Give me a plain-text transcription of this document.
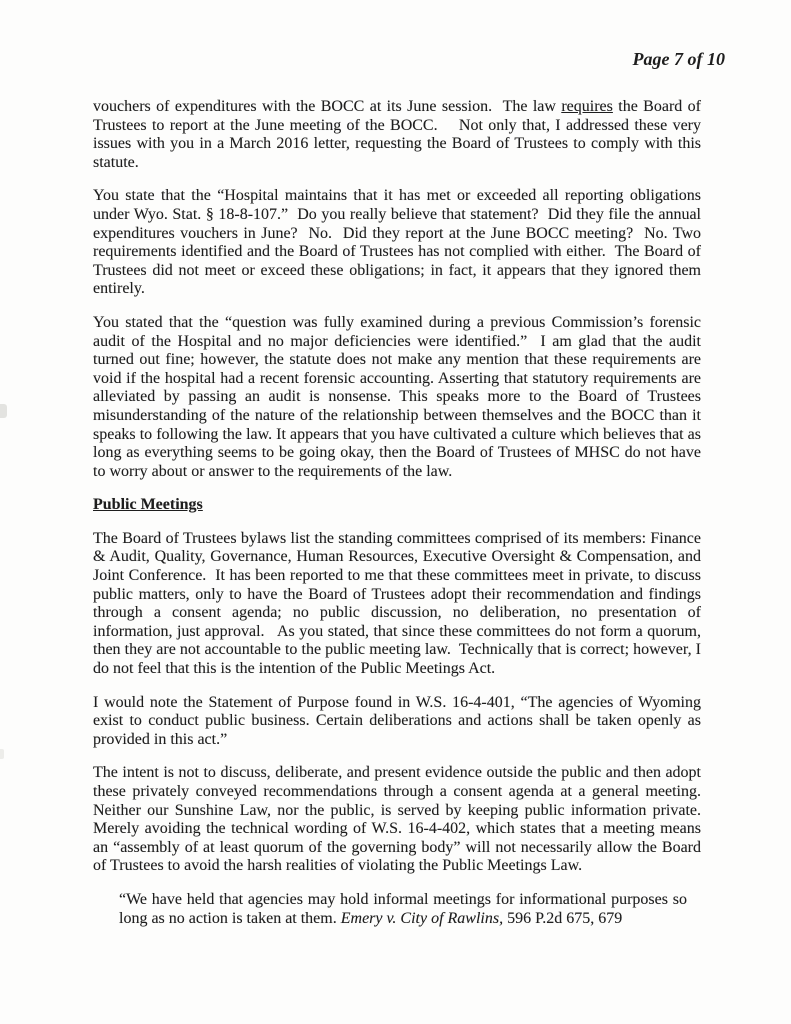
Page 7 of 10

vouchers of expenditures with the BOCC at its June session.  The law requires the Board of Trustees to report at the June meeting of the BOCC.    Not only that, I addressed these very issues with you in a March 2016 letter, requesting the Board of Trustees to comply with this statute.

You state that the “Hospital maintains that it has met or exceeded all reporting obligations under Wyo. Stat. § 18-8-107.”  Do you really believe that statement?  Did they file the annual expenditures vouchers in June?  No.  Did they report at the June BOCC meeting?  No. Two requirements identified and the Board of Trustees has not complied with either.  The Board of Trustees did not meet or exceed these obligations; in fact, it appears that they ignored them entirely.

You stated that the “question was fully examined during a previous Commission’s forensic audit of the Hospital and no major deficiencies were identified.”  I am glad that the audit turned out fine; however, the statute does not make any mention that these requirements are void if the hospital had a recent forensic accounting. Asserting that statutory requirements are alleviated by passing an audit is nonsense. This speaks more to the Board of Trustees misunderstanding of the nature of the relationship between themselves and the BOCC than it speaks to following the law. It appears that you have cultivated a culture which believes that as long as everything seems to be going okay, then the Board of Trustees of MHSC do not have to worry about or answer to the requirements of the law.

Public Meetings

The Board of Trustees bylaws list the standing committees comprised of its members: Finance & Audit, Quality, Governance, Human Resources, Executive Oversight & Compensation, and Joint Conference.  It has been reported to me that these committees meet in private, to discuss public matters, only to have the Board of Trustees adopt their recommendation and findings through a consent agenda; no public discussion, no deliberation, no presentation of information, just approval.   As you stated, that since these committees do not form a quorum, then they are not accountable to the public meeting law.  Technically that is correct; however, I do not feel that this is the intention of the Public Meetings Act.

I would note the Statement of Purpose found in W.S. 16-4-401, “The agencies of Wyoming exist to conduct public business. Certain deliberations and actions shall be taken openly as provided in this act.”

The intent is not to discuss, deliberate, and present evidence outside the public and then adopt these privately conveyed recommendations through a consent agenda at a general meeting. Neither our Sunshine Law, nor the public, is served by keeping public information private. Merely avoiding the technical wording of W.S. 16-4-402, which states that a meeting means an “assembly of at least quorum of the governing body” will not necessarily allow the Board of Trustees to avoid the harsh realities of violating the Public Meetings Law.

“We have held that agencies may hold informal meetings for informational purposes so long as no action is taken at them. Emery v. City of Rawlins, 596 P.2d 675, 679
